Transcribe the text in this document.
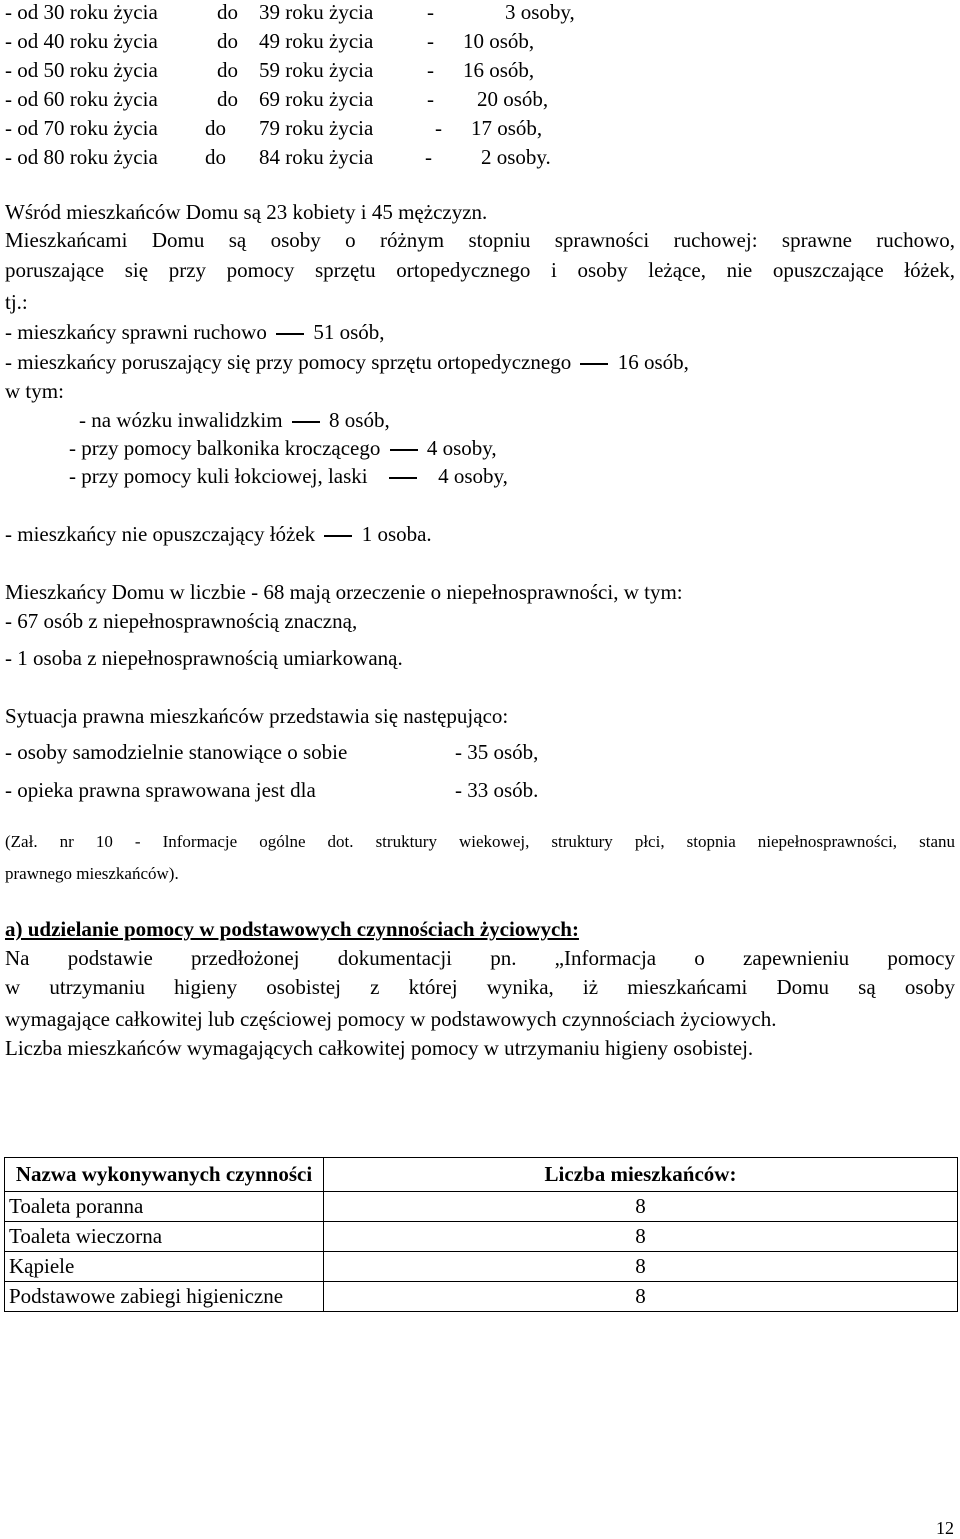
- od 30 roku życia	do 39 roku życia	-	3 osoby,
- od 40 roku życia	do 49 roku życia	- 10 osób,
- od 50 roku życia	do 59 roku życia	- 16 osób,
- od 60 roku życia	do 69 roku życia	- 20 osób,
- od 70 roku życia do 79 roku życia	- 17 osób,
- od 80 roku życia do 84 roku życia - 2 osoby.
Wśród mieszkańców Domu są 23 kobiety i 45 mężczyzn.
Mieszkańcami Domu są osoby o różnym stopniu sprawności ruchowej: sprawne ruchowo,
poruszające się przy pomocy sprzętu ortopedycznego i osoby leżące, nie opuszczające łóżek,
tj.:
- mieszkańcy sprawni ruchowo 51 osób,
- mieszkańcy poruszający się przy pomocy sprzętu ortopedycznego 16 osób,
w tym:
- na wózku inwalidzkim 8 osób,
- przy pomocy balkonika kroczącego 4 osoby,
- przy pomocy kuli łokciowej, laski	4 osoby,
- mieszkańcy nie opuszczający łóżek 1 osoba.
Mieszkańcy Domu w liczbie - 68 mają orzeczenie o niepełnosprawności, w tym:
- 67 osób z niepełnosprawnością znaczną,
- 1 osoba z niepełnosprawnością umiarkowaną.
Sytuacja prawna mieszkańców przedstawia się następująco:
- osoby samodzielnie stanowiące o sobie	- 35 osób,
- opieka prawna sprawowana jest dla	- 33 osób.
(Zał. nr 10 - Informacje ogólne dot. struktury wiekowej, struktury płci, stopnia niepełnosprawności, stanu
prawnego mieszkańców).
a) udzielanie pomocy w podstawowych czynnościach życiowych:
Na podstawie przedłożonej dokumentacji pn. „Informacja o zapewnieniu pomocy
w utrzymaniu higieny osobistej z której wynika, iż mieszkańcami Domu są osoby
wymagające całkowitej lub częściowej pomocy w podstawowych czynnościach życiowych.
Liczba mieszkańców wymagających całkowitej pomocy w utrzymaniu higieny osobistej.
Nazwa wykonywanych czynności	Liczba mieszkańców:
Toaleta poranna	8
Toaleta wieczorna	8
Kąpiele	8
Podstawowe zabiegi higieniczne	8
12
